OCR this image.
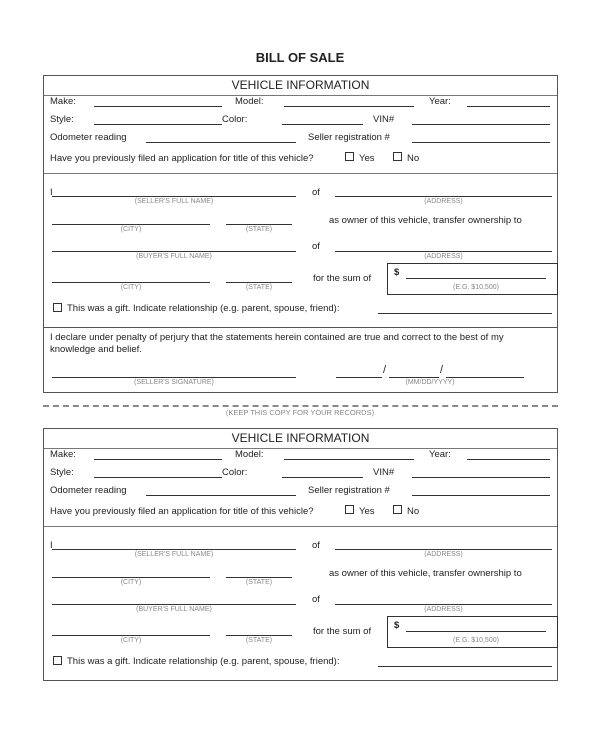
BILL OF SALE
VEHICLE INFORMATION
Make:	Model:	Year:
Style:	Color:	VIN#
Odometer reading	Seller registration #
Have you previously filed an application for title of this vehicle?	Yes	No
I
(SELLER'S FULL NAME)
of
(ADDRESS)
(CITY)	(STATE)
as owner of this vehicle, transfer ownership to
(BUYER'S FULL NAME)
of
(ADDRESS)
(CITY)	(STATE)
for the sum of
$
(E.G. $10,500)
This was a gift. Indicate relationship (e.g. parent, spouse, friend):
I declare under penalty of perjury that the statements herein contained are true and correct to the best of my knowledge and belief.
(SELLER'S SIGNATURE)
/	/
(MM/DD/YYYY)
(KEEP THIS COPY FOR YOUR RECORDS)
VEHICLE INFORMATION
Make:	Model:	Year:
Style:	Color:	VIN#
Odometer reading	Seller registration #
Have you previously filed an application for title of this vehicle?	Yes	No
I
(SELLER'S FULL NAME)
of
(ADDRESS)
(CITY)	(STATE)
as owner of this vehicle, transfer ownership to
(BUYER'S FULL NAME)
of
(ADDRESS)
(CITY)	(STATE)
for the sum of
$
(E.G. $10,500)
This was a gift. Indicate relationship (e.g. parent, spouse, friend):
